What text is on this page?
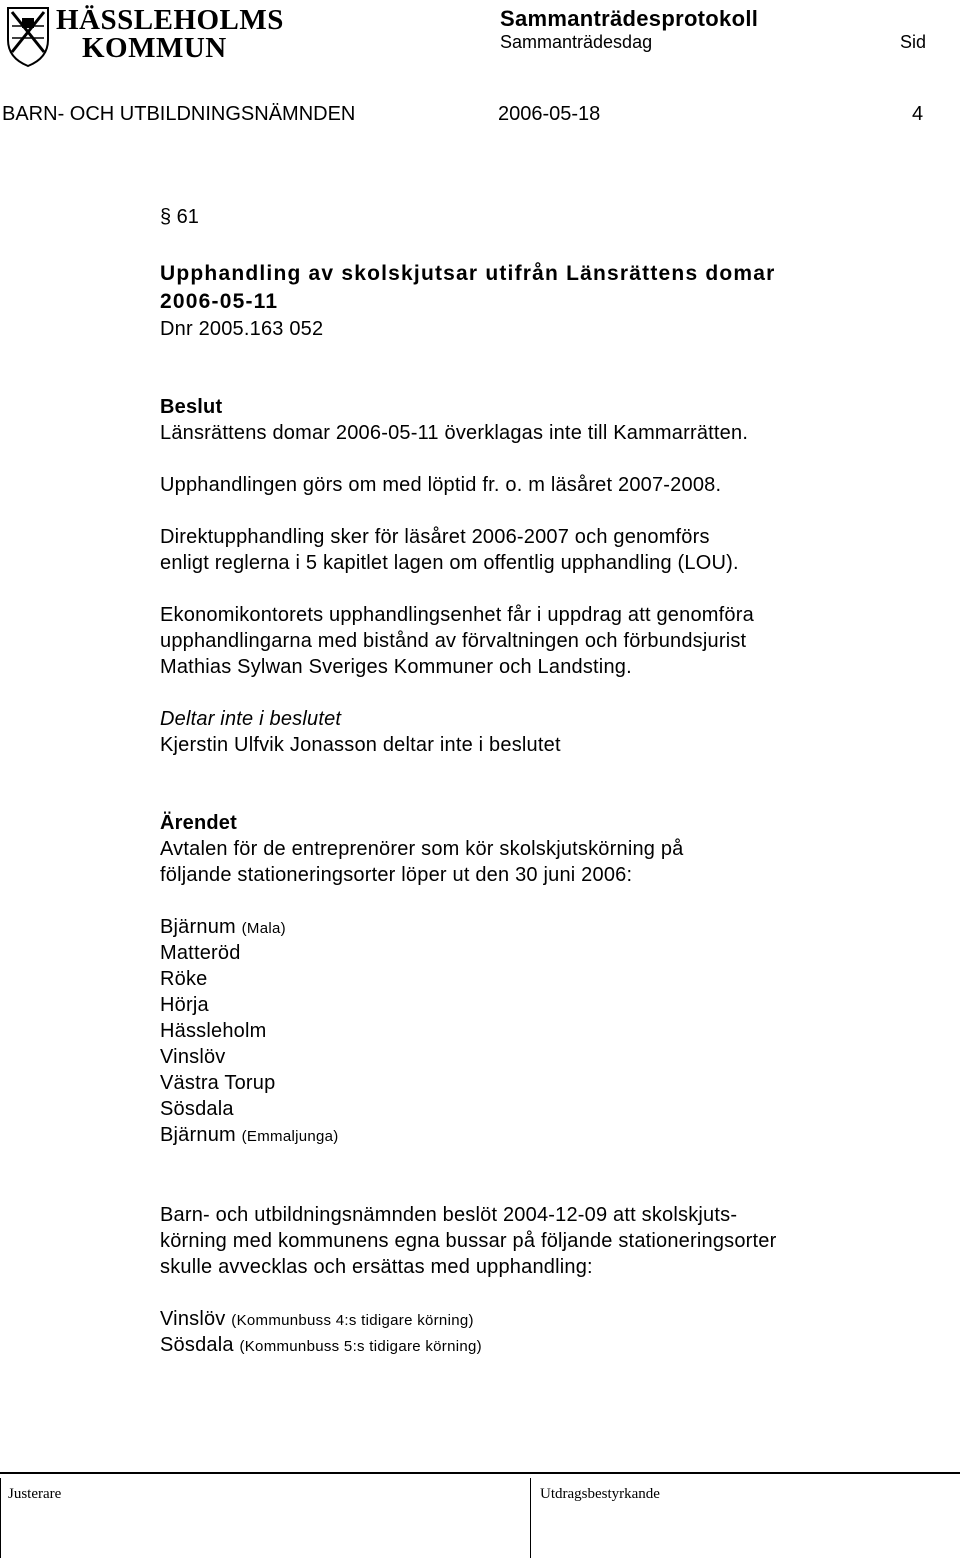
HÄSSLEHOLMS
KOMMUN
Sammanträdesprotokoll
Sammanträdesdag	Sid
BARN- OCH UTBILDNINGSNÄMNDEN	2006-05-18	4
§ 61
Upphandling av skolskjutsar utifrån Länsrättens domar
2006-05-11
Dnr 2005.163 052
Beslut
Länsrättens domar 2006-05-11 överklagas inte till Kammarrätten.
Upphandlingen görs om med löptid fr. o. m läsåret 2007-2008.
Direktupphandling sker för läsåret 2006-2007 och genomförs
enligt reglerna i 5 kapitlet lagen om offentlig upphandling (LOU).
Ekonomikontorets upphandlingsenhet får i uppdrag att genomföra
upphandlingarna med bistånd av förvaltningen och förbundsjurist
Mathias Sylwan Sveriges Kommuner och Landsting.
Deltar inte i beslutet
Kjerstin Ulfvik Jonasson deltar inte i beslutet
Ärendet
Avtalen för de entreprenörer som kör skolskjutskörning på
följande stationeringsorter löper ut den 30 juni 2006:
Bjärnum (Mala)
Matteröd
Röke
Hörja
Hässleholm
Vinslöv
Västra Torup
Sösdala
Bjärnum (Emmaljunga)
Barn- och utbildningsnämnden beslöt 2004-12-09 att skolskjuts-
körning med kommunens egna bussar på följande stationeringsorter
skulle avvecklas och ersättas med upphandling:
Vinslöv (Kommunbuss 4:s tidigare körning)
Sösdala (Kommunbuss 5:s tidigare körning)
Justerare	Utdragsbestyrkande
